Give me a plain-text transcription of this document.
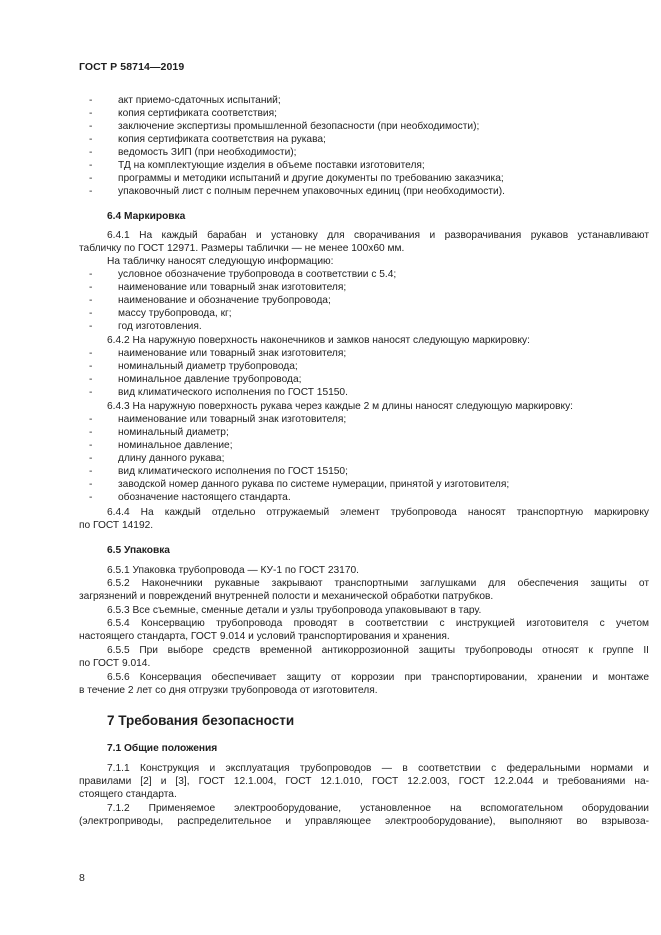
ГОСТ Р 58714—2019
-	акт приемо-сдаточных испытаний;
-	копия сертификата соответствия;
-	заключение экспертизы промышленной безопасности (при необходимости);
-	копия сертификата соответствия на рукава;
-	ведомость ЗИП (при необходимости);
-	ТД на комплектующие изделия в объеме поставки изготовителя;
-	программы и методики испытаний и другие документы по требованию заказчика;
-	упаковочный лист с полным перечнем упаковочных единиц (при необходимости).
6.4 Маркировка
6.4.1 На каждый барабан и установку для сворачивания и разворачивания рукавов устанавливают
табличку по ГОСТ 12971. Размеры таблички — не менее 100х60 мм.
На табличку наносят следующую информацию:
-	условное обозначение трубопровода в соответствии с 5.4;
-	наименование или товарный знак изготовителя;
-	наименование и обозначение трубопровода;
-	массу трубопровода, кг;
-	год изготовления.
6.4.2 На наружную поверхность наконечников и замков наносят следующую маркировку:
-	наименование или товарный знак изготовителя;
-	номинальный диаметр трубопровода;
-	номинальное давление трубопровода;
-	вид климатического исполнения по ГОСТ 15150.
6.4.3 На наружную поверхность рукава через каждые 2 м длины наносят следующую маркировку:
-	наименование или товарный знак изготовителя;
-	номинальный диаметр;
-	номинальное давление;
-	длину данного рукава;
-	вид климатического исполнения по ГОСТ 15150;
-	заводской номер данного рукава по системе нумерации, принятой у изготовителя;
-	обозначение настоящего стандарта.
6.4.4 На каждый отдельно отгружаемый элемент трубопровода наносят транспортную маркировку
по ГОСТ 14192.
6.5 Упаковка
6.5.1 Упаковка трубопровода — КУ-1 по ГОСТ 23170.
6.5.2 Наконечники рукавные закрывают транспортными заглушками для обеспечения защиты от
загрязнений и повреждений внутренней полости и механической обработки патрубков.
6.5.3 Все съемные, сменные детали и узлы трубопровода упаковывают в тару.
6.5.4 Консервацию трубопровода проводят в соответствии с инструкцией изготовителя с учетом
настоящего стандарта, ГОСТ 9.014 и условий транспортирования и хранения.
6.5.5 При выборе средств временной антикоррозионной защиты трубопроводы относят к группе II
по ГОСТ 9.014.
6.5.6 Консервация обеспечивает защиту от коррозии при транспортировании, хранении и монтаже
в течение 2 лет со дня отгрузки трубопровода от изготовителя.
7 Требования безопасности
7.1 Общие положения
7.1.1 Конструкция и эксплуатация трубопроводов — в соответствии с федеральными нормами и
правилами [2] и [3], ГОСТ 12.1.004, ГОСТ 12.1.010, ГОСТ 12.2.003, ГОСТ 12.2.044 и требованиями на-
стоящего стандарта.
7.1.2 Применяемое электрооборудование, установленное на вспомогательном оборудовании
(электроприводы, распределительное и управляющее электрооборудование), выполняют во взрывоза-
8
